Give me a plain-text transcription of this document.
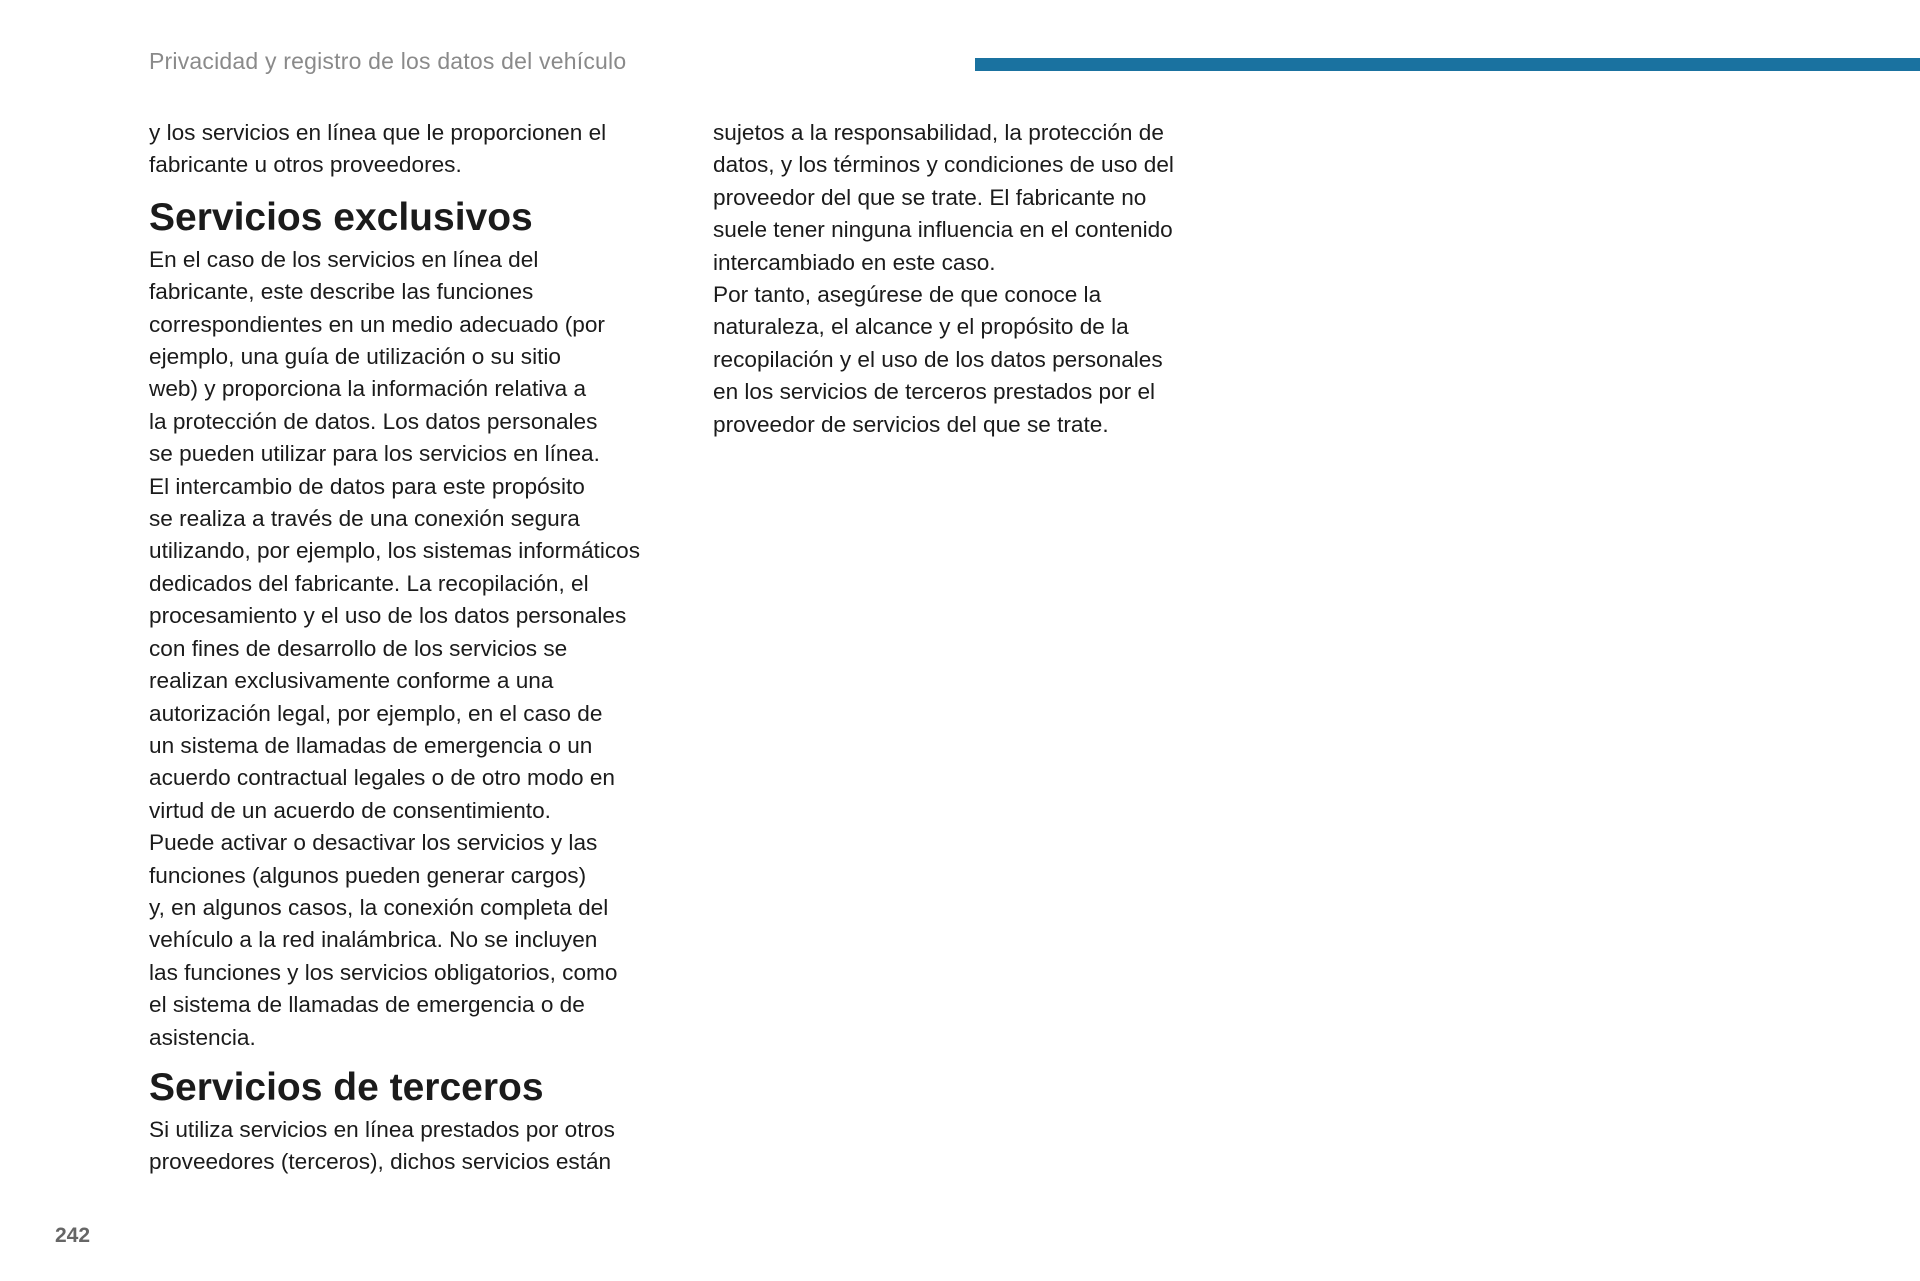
Privacidad y registro de los datos del vehículo

y los servicios en línea que le proporcionen el
fabricante u otros proveedores.

Servicios exclusivos

En el caso de los servicios en línea del
fabricante, este describe las funciones
correspondientes en un medio adecuado (por
ejemplo, una guía de utilización o su sitio
web) y proporciona la información relativa a
la protección de datos. Los datos personales
se pueden utilizar para los servicios en línea.
El intercambio de datos para este propósito
se realiza a través de una conexión segura
utilizando, por ejemplo, los sistemas informáticos
dedicados del fabricante. La recopilación, el
procesamiento y el uso de los datos personales
con fines de desarrollo de los servicios se
realizan exclusivamente conforme a una
autorización legal, por ejemplo, en el caso de
un sistema de llamadas de emergencia o un
acuerdo contractual legales o de otro modo en
virtud de un acuerdo de consentimiento.

Puede activar o desactivar los servicios y las
funciones (algunos pueden generar cargos)
y, en algunos casos, la conexión completa del
vehículo a la red inalámbrica. No se incluyen
las funciones y los servicios obligatorios, como
el sistema de llamadas de emergencia o de
asistencia.

Servicios de terceros

Si utiliza servicios en línea prestados por otros
proveedores (terceros), dichos servicios están

sujetos a la responsabilidad, la protección de
datos, y los términos y condiciones de uso del
proveedor del que se trate. El fabricante no
suele tener ninguna influencia en el contenido
intercambiado en este caso.

Por tanto, asegúrese de que conoce la
naturaleza, el alcance y el propósito de la
recopilación y el uso de los datos personales
en los servicios de terceros prestados por el
proveedor de servicios del que se trate.

242
